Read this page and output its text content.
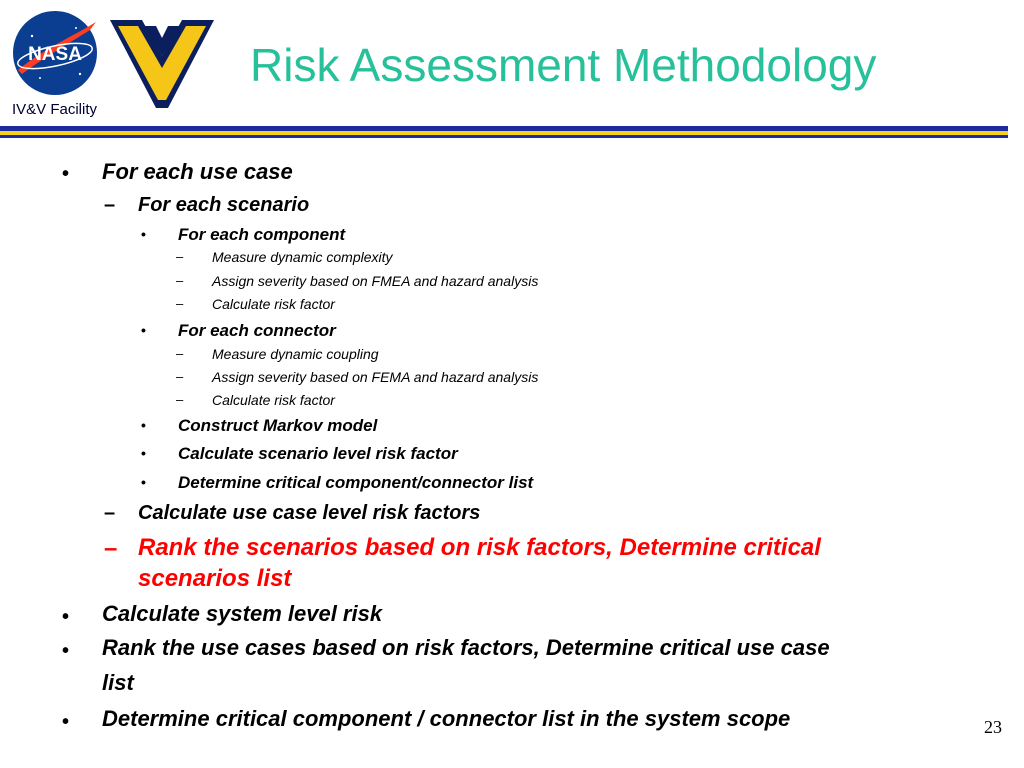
NASA
IV&V Facility
Risk Assessment Methodology
• For each use case
– For each scenario
• For each component
– Measure dynamic complexity
– Assign severity based on FMEA and hazard analysis
– Calculate risk factor
• For each connector
– Measure dynamic coupling
– Assign severity based on FEMA and hazard analysis
– Calculate risk factor
• Construct Markov model
• Calculate scenario level risk factor
• Determine critical component/connector list
– Calculate use case level risk factors
– Rank the scenarios based on risk factors, Determine critical
scenarios list
• Calculate system level risk
• Rank the use cases based on risk factors, Determine critical use case
list
• Determine critical component / connector list in the system scope	23
